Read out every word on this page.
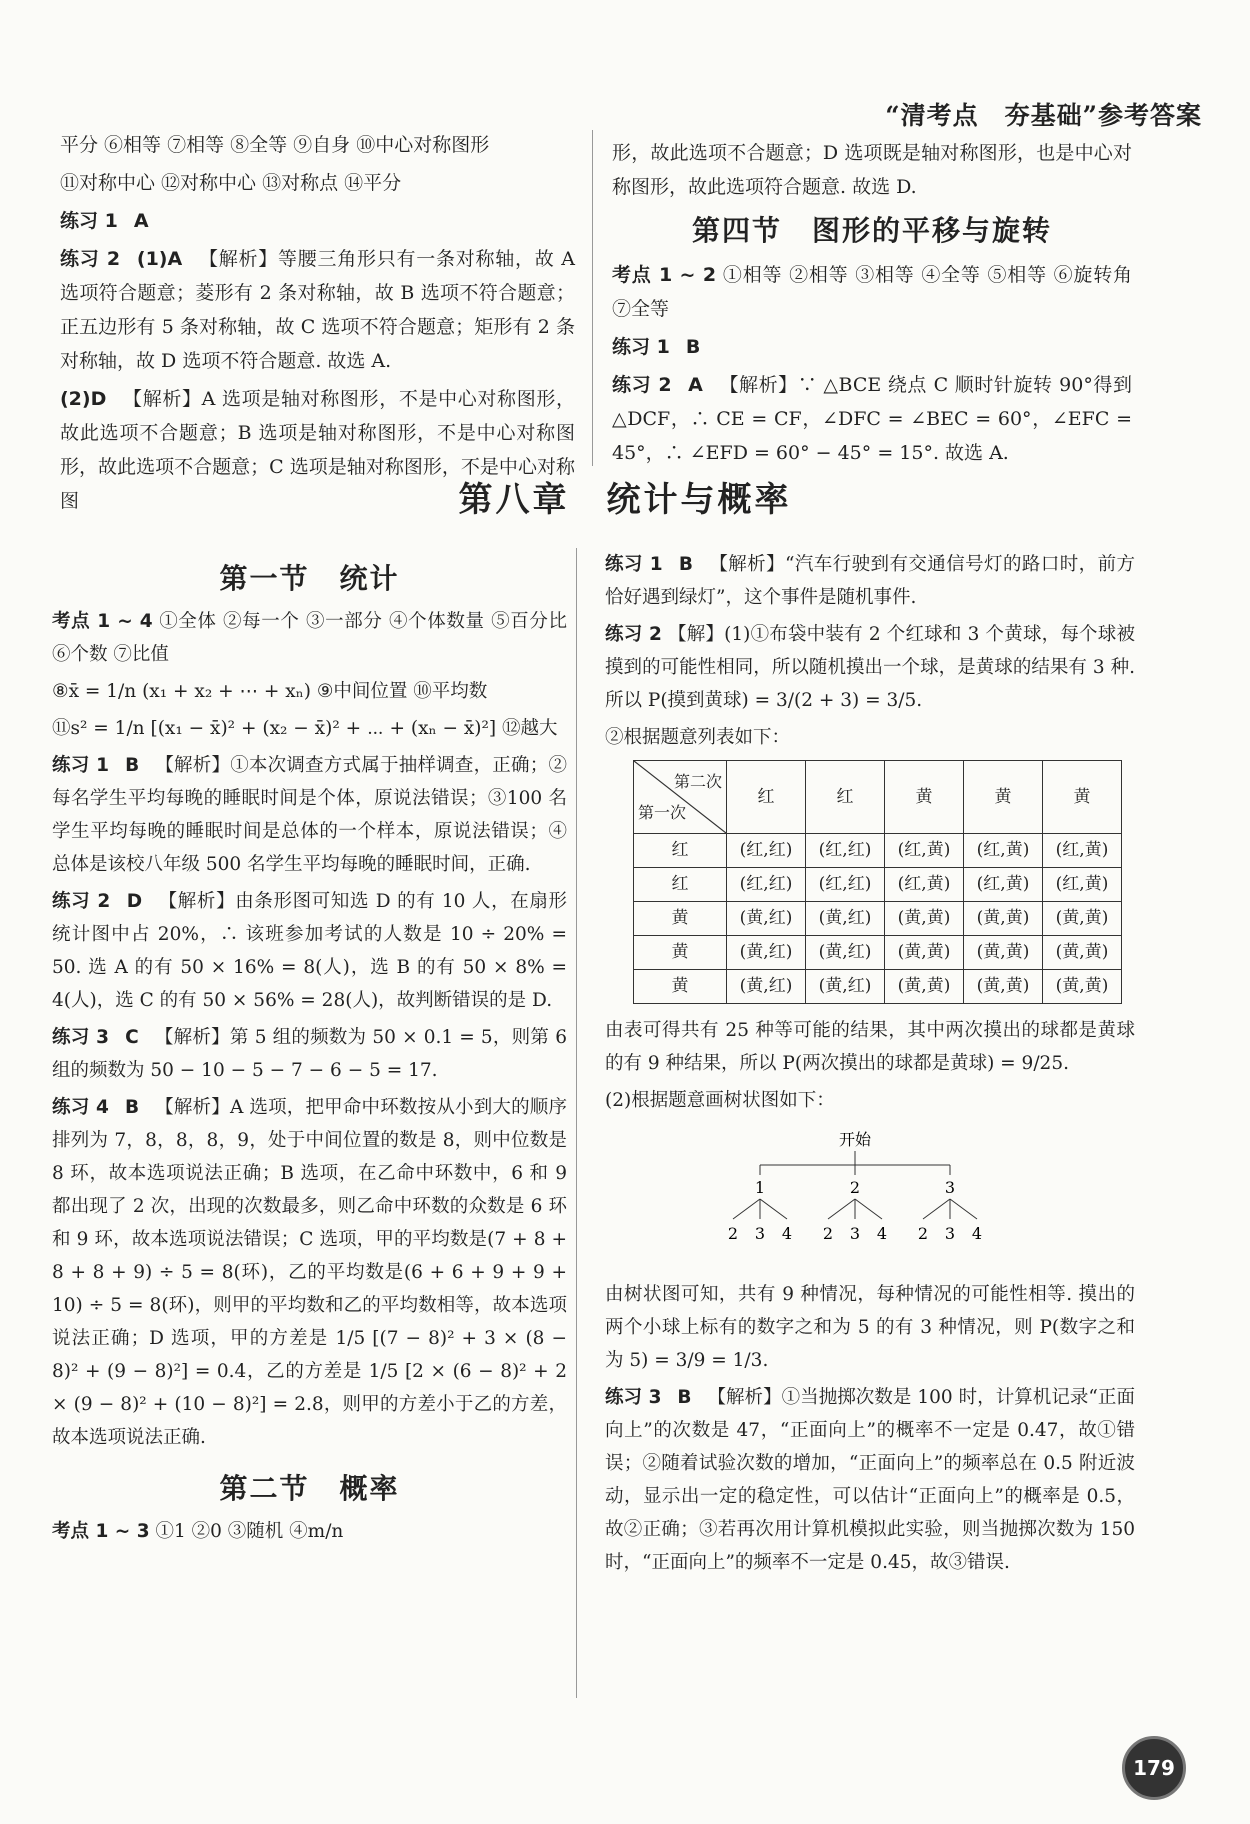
“清考点　夯基础”参考答案

平分 ⑥相等 ⑦相等 ⑧全等 ⑨自身 ⑩中心对称图形

⑪对称中心 ⑫对称中心 ⑬对称点 ⑭平分

练习 1 A

练习 2 (1)A 【解析】等腰三角形只有一条对称轴，故 A 选项符合题意；菱形有 2 条对称轴，故 B 选项不符合题意；正五边形有 5 条对称轴，故 C 选项不符合题意；矩形有 2 条对称轴，故 D 选项不符合题意. 故选 A.

(2)D 【解析】A 选项是轴对称图形，不是中心对称图形，故此选项不合题意；B 选项是轴对称图形，不是中心对称图形，故此选项不合题意；C 选项是轴对称图形，不是中心对称图

形，故此选项不合题意；D 选项既是轴对称图形，也是中心对称图形，故此选项符合题意. 故选 D.

第四节　图形的平移与旋转

考点 1 ~ 2 ①相等 ②相等 ③相等 ④全等 ⑤相等 ⑥旋转角 ⑦全等

练习 1 B

练习 2 A 【解析】∵ △BCE 绕点 C 顺时针旋转 90°得到 △DCF，∴ CE = CF，∠DFC = ∠BEC = 60°，∠EFC = 45°，∴ ∠EFD = 60° − 45° = 15°. 故选 A.

第八章　统计与概率
第一节　统计

考点 1 ~ 4 ①全体 ②每一个 ③一部分 ④个体数量 ⑤百分比 ⑥个数 ⑦比值

⑧x̄ = 1/n (x₁ + x₂ + ⋯ + xₙ) ⑨中间位置 ⑩平均数

⑪s² = 1/n [(x₁ − x̄)² + (x₂ − x̄)² + ⋯ + (xₙ − x̄)²] ⑫越大

练习 1 B 【解析】①本次调查方式属于抽样调查，正确；②每名学生平均每晚的睡眠时间是个体，原说法错误；③100 名学生平均每晚的睡眠时间是总体的一个样本，原说法错误；④总体是该校八年级 500 名学生平均每晚的睡眠时间，正确.

练习 2 D 【解析】由条形图可知选 D 的有 10 人，在扇形统计图中占 20%，∴ 该班参加考试的人数是 10 ÷ 20% = 50. 选 A 的有 50 × 16% = 8(人)，选 B 的有 50 × 8% = 4(人)，选 C 的有 50 × 56% = 28(人)，故判断错误的是 D.

练习 3 C 【解析】第 5 组的频数为 50 × 0.1 = 5，则第 6 组的频数为 50 − 10 − 5 − 7 − 6 − 5 = 17.

练习 4 B 【解析】A 选项，把甲命中环数按从小到大的顺序排列为 7，8，8，8，9，处于中间位置的数是 8，则中位数是 8 环，故本选项说法正确；B 选项，在乙命中环数中，6 和 9 都出现了 2 次，出现的次数最多，则乙命中环数的众数是 6 环和 9 环，故本选项说法错误；C 选项，甲的平均数是(7 + 8 + 8 + 8 + 9) ÷ 5 = 8(环)，乙的平均数是(6 + 6 + 9 + 9 + 10) ÷ 5 = 8(环)，则甲的平均数和乙的平均数相等，故本选项说法正确；D 选项，甲的方差是 1/5 [(7 − 8)² + 3 × (8 − 8)² + (9 − 8)²] = 0.4，乙的方差是 1/5 [2 × (6 − 8)² + 2 × (9 − 8)² + (10 − 8)²] = 2.8，则甲的方差小于乙的方差，故本选项说法正确.

第二节　概率

考点 1 ~ 3 ①1 ②0 ③随机 ④m/n

练习 1 B 【解析】“汽车行驶到有交通信号灯的路口时，前方恰好遇到绿灯”，这个事件是随机事件.

练习 2 【解】(1)①布袋中装有 2 个红球和 3 个黄球，每个球被摸到的可能性相同，所以随机摸出一个球，是黄球的结果有 3 种. 所以 P(摸到黄球) = 3/(2 + 3) = 3/5.

②根据题意列表如下：

第二次
第一次	红	红	黄	黄	黄
红	(红,红)	(红,红)	(红,黄)	(红,黄)	(红,黄)
红	(红,红)	(红,红)	(红,黄)	(红,黄)	(红,黄)
黄	(黄,红)	(黄,红)	(黄,黄)	(黄,黄)	(黄,黄)
黄	(黄,红)	(黄,红)	(黄,黄)	(黄,黄)	(黄,黄)
黄	(黄,红)	(黄,红)	(黄,黄)	(黄,黄)	(黄,黄)

由表可得共有 25 种等可能的结果，其中两次摸出的球都是黄球的有 9 种结果，所以 P(两次摸出的球都是黄球) = 9/25.

(2)根据题意画树状图如下：

开始
1	2	3
2 3 4 2 3 4 2 3 4

由树状图可知，共有 9 种情况，每种情况的可能性相等. 摸出的两个小球上标有的数字之和为 5 的有 3 种情况，则 P(数字之和为 5) = 3/9 = 1/3.

练习 3 B 【解析】①当抛掷次数是 100 时，计算机记录“正面向上”的次数是 47，“正面向上”的概率不一定是 0.47，故①错误；②随着试验次数的增加，“正面向上”的频率总在 0.5 附近波动，显示出一定的稳定性，可以估计“正面向上”的概率是 0.5，故②正确；③若再次用计算机模拟此实验，则当抛掷次数为 150 时，“正面向上”的频率不一定是 0.45，故③错误.

179
